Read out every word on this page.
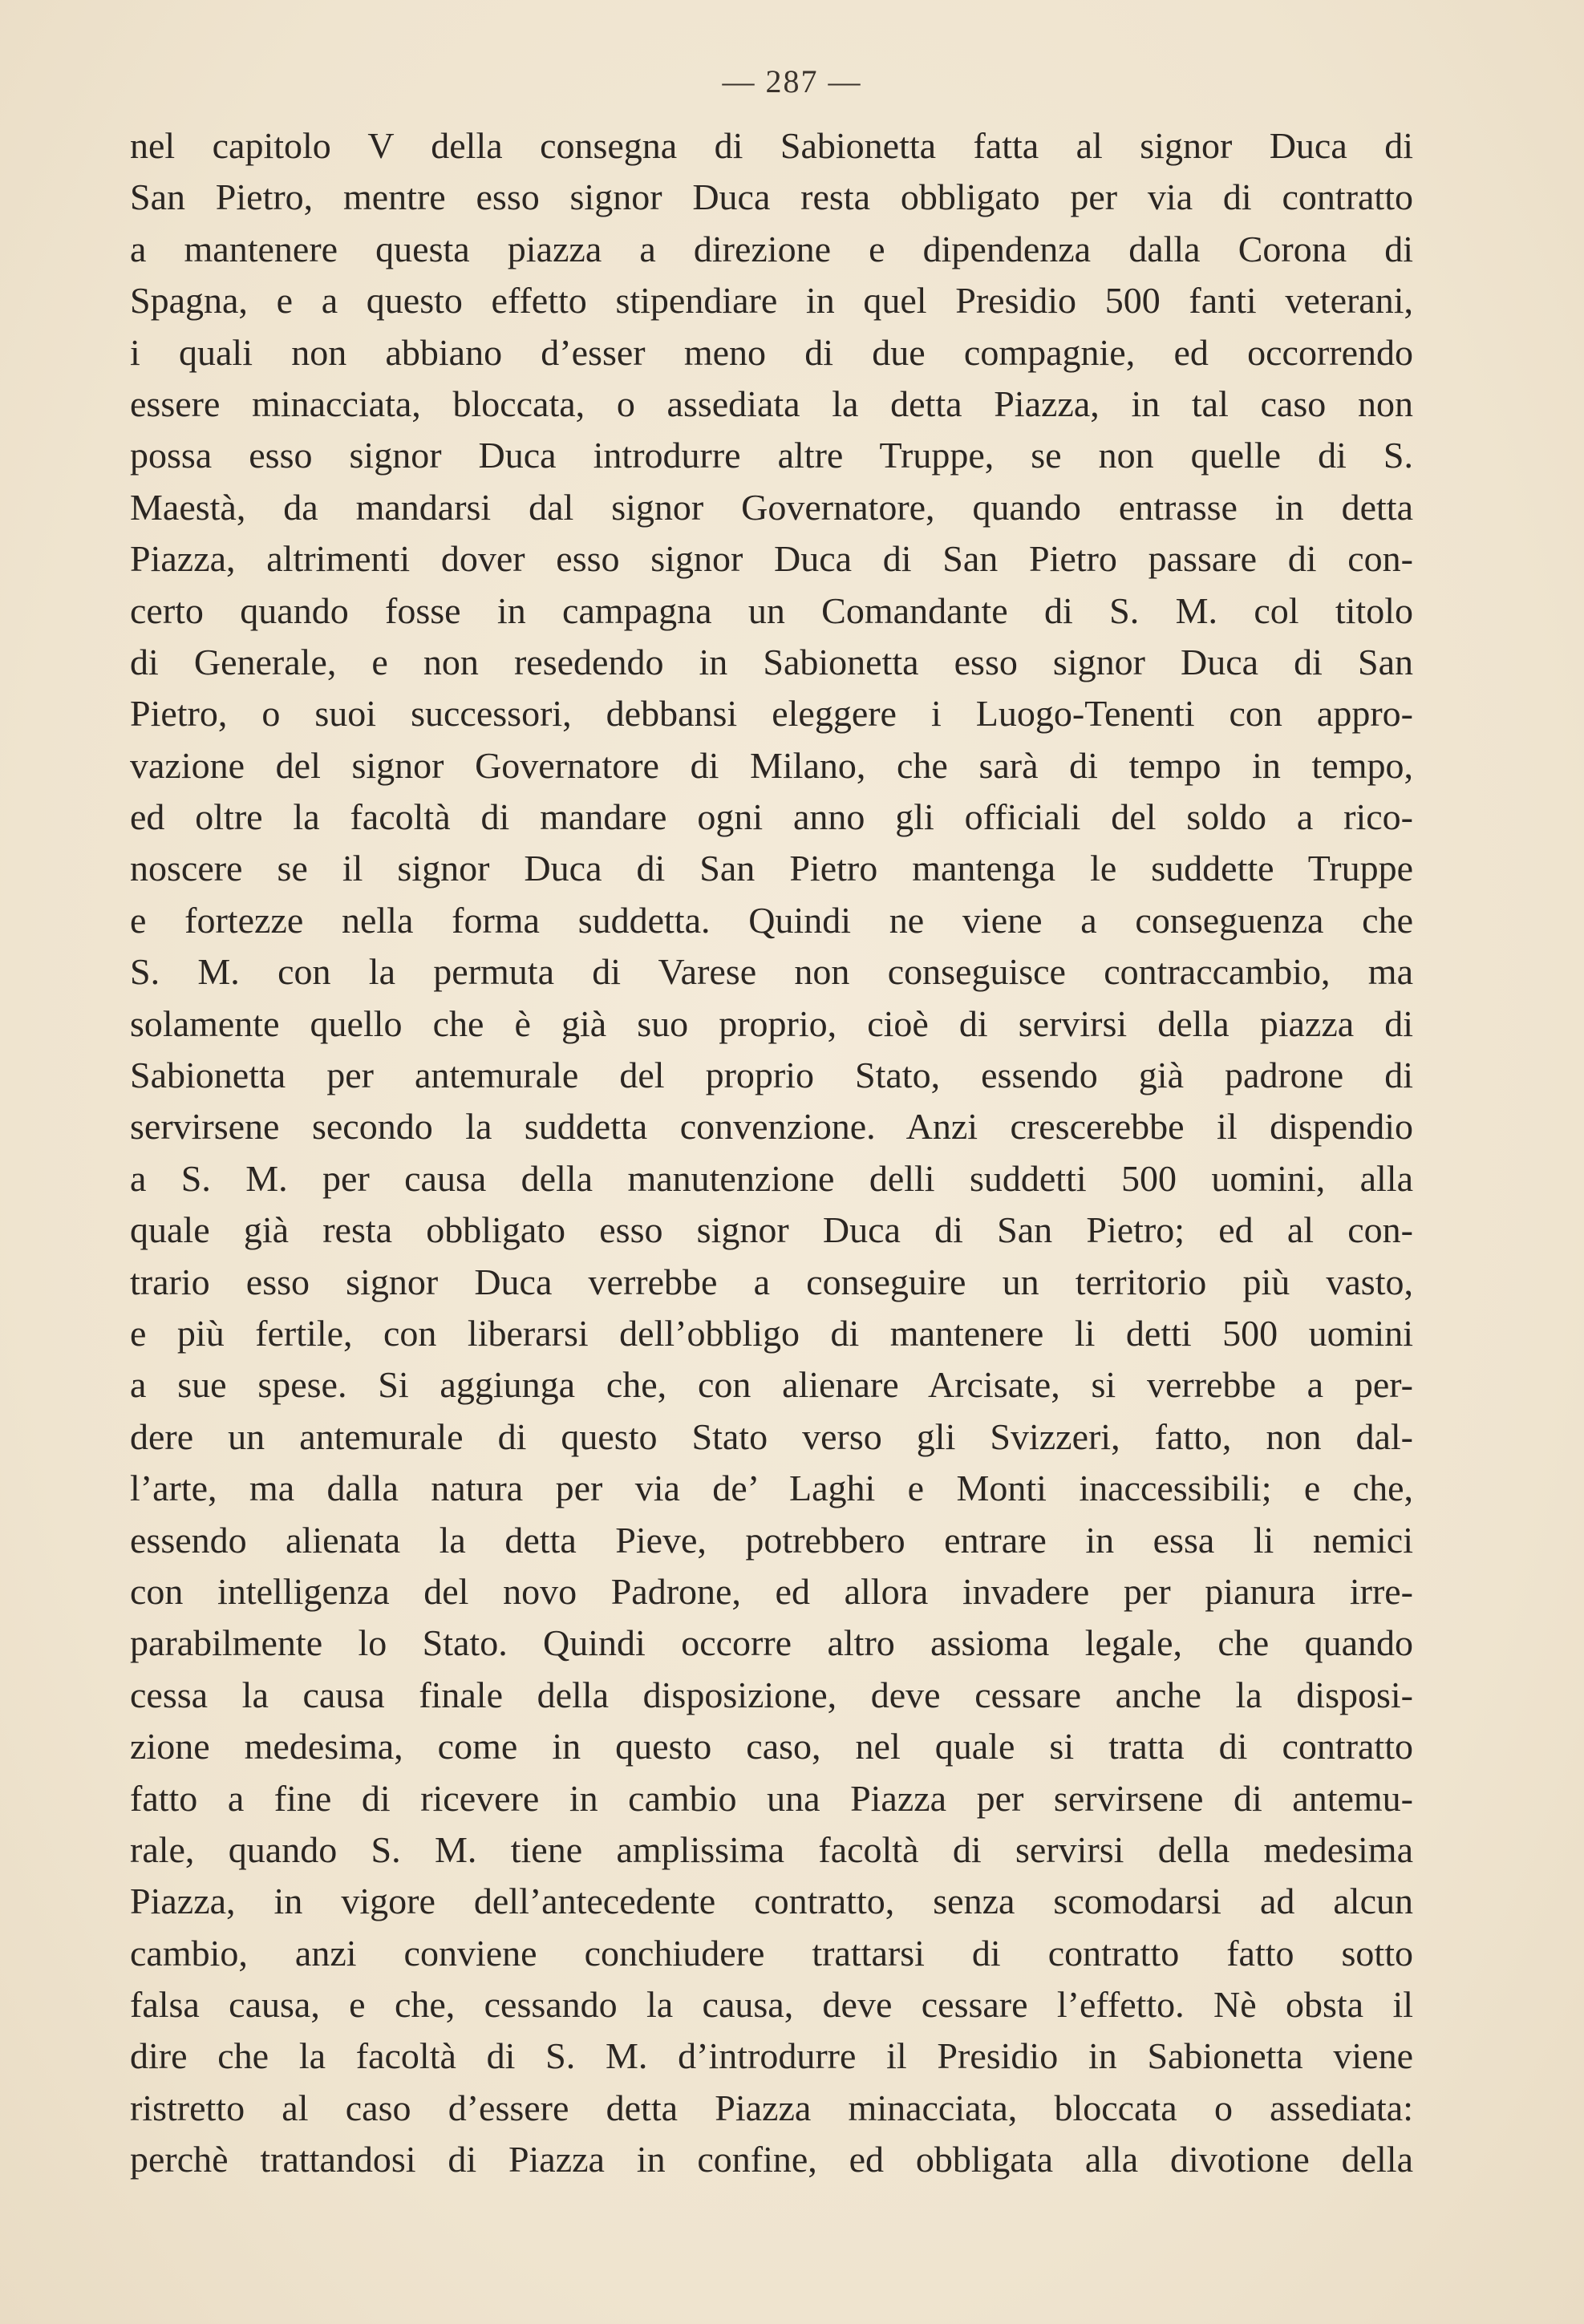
— 287 —
nel capitolo V della consegna di Sabionetta fatta al signor Duca di
San Pietro, mentre esso signor Duca resta obbligato per via di contratto
a mantenere questa piazza a direzione e dipendenza dalla Corona di
Spagna, e a questo effetto stipendiare in quel Presidio 500 fanti veterani,
i quali non abbiano d’esser meno di due compagnie, ed occorrendo
essere minacciata, bloccata, o assediata la detta Piazza, in tal caso non
possa esso signor Duca introdurre altre Truppe, se non quelle di S.
Maestà, da mandarsi dal signor Governatore, quando entrasse in detta
Piazza, altrimenti dover esso signor Duca di San Pietro passare di con-
certo quando fosse in campagna un Comandante di S. M. col titolo
di Generale, e non resedendo in Sabionetta esso signor Duca di San
Pietro, o suoi successori, debbansi eleggere i Luogo-Tenenti con appro-
vazione del signor Governatore di Milano, che sarà di tempo in tempo,
ed oltre la facoltà di mandare ogni anno gli officiali del soldo a rico-
noscere se il signor Duca di San Pietro mantenga le suddette Truppe
e fortezze nella forma suddetta. Quindi ne viene a conseguenza che
S. M. con la permuta di Varese non conseguisce contraccambio, ma
solamente quello che è già suo proprio, cioè di servirsi della piazza di
Sabionetta per antemurale del proprio Stato, essendo già padrone di
servirsene secondo la suddetta convenzione. Anzi crescerebbe il dispendio
a S. M. per causa della manutenzione delli suddetti 500 uomini, alla
quale già resta obbligato esso signor Duca di San Pietro; ed al con-
trario esso signor Duca verrebbe a conseguire un territorio più vasto,
e più fertile, con liberarsi dell’obbligo di mantenere li detti 500 uomini
a sue spese. Si aggiunga che, con alienare Arcisate, si verrebbe a per-
dere un antemurale di questo Stato verso gli Svizzeri, fatto, non dal-
l’arte, ma dalla natura per via de’ Laghi e Monti inaccessibili; e che,
essendo alienata la detta Pieve, potrebbero entrare in essa li nemici
con intelligenza del novo Padrone, ed allora invadere per pianura irre-
parabilmente lo Stato. Quindi occorre altro assioma legale, che quando
cessa la causa finale della disposizione, deve cessare anche la disposi-
zione medesima, come in questo caso, nel quale si tratta di contratto
fatto a fine di ricevere in cambio una Piazza per servirsene di antemu-
rale, quando S. M. tiene amplissima facoltà di servirsi della medesima
Piazza, in vigore dell’antecedente contratto, senza scomodarsi ad alcun
cambio, anzi conviene conchiudere trattarsi di contratto fatto sotto
falsa causa, e che, cessando la causa, deve cessare l’effetto. Nè obsta il
dire che la facoltà di S. M. d’introdurre il Presidio in Sabionetta viene
ristretto al caso d’essere detta Piazza minacciata, bloccata o assediata:
perchè trattandosi di Piazza in confine, ed obbligata alla divotione della
